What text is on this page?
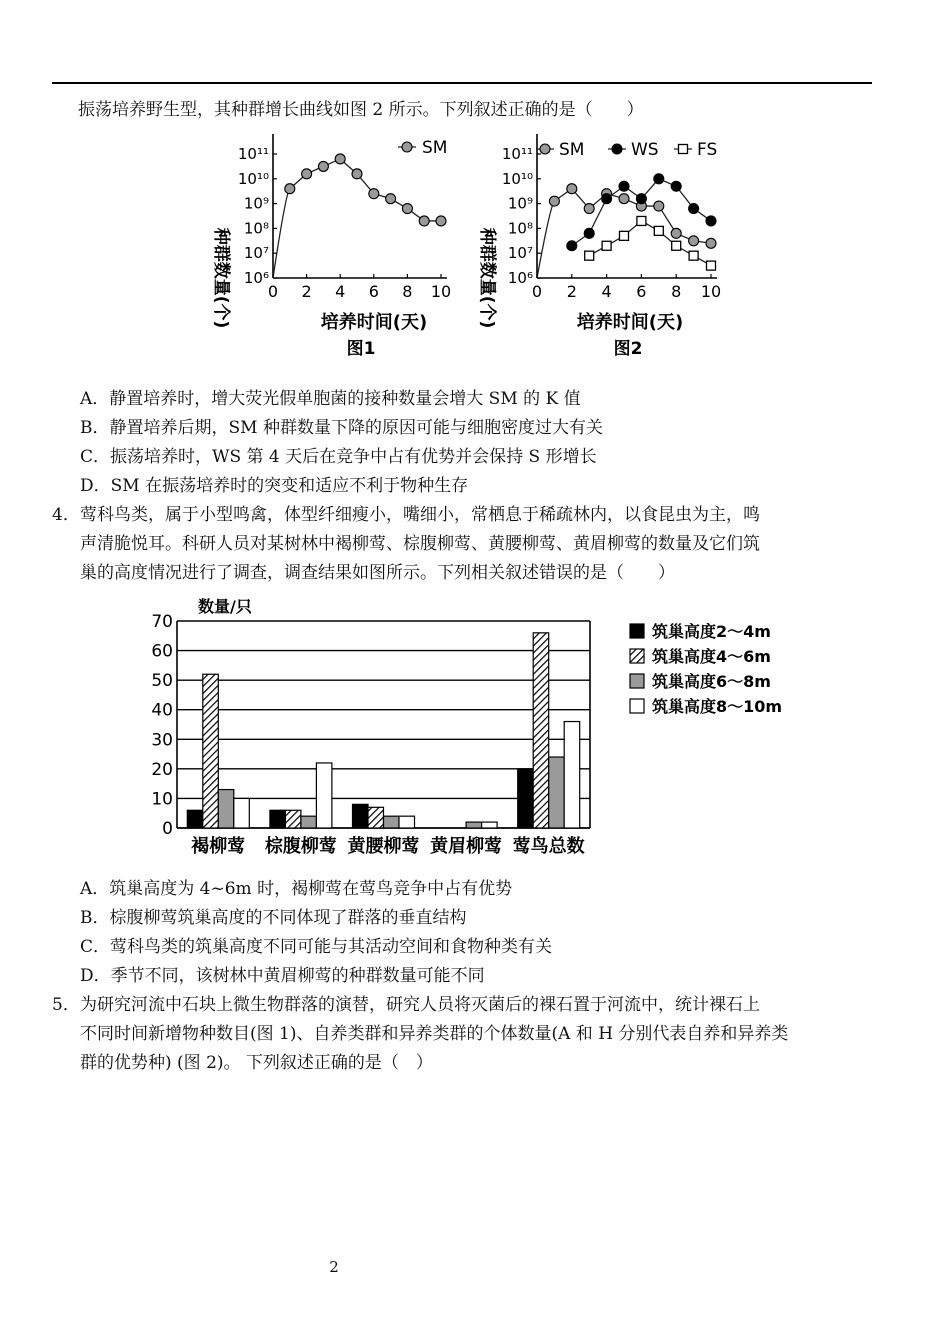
振荡培养野生型，其种群增长曲线如图 2 所示。下列叙述正确的是（　　）
10⁶
10⁷
10⁸
10⁹
10¹⁰
10¹¹
0 2 4 6 8 10
种群数量(个)	培养时间(天)
图1
SM
10⁶
10⁷
10⁸
10⁹
10¹⁰
10¹¹
0 2 4 6 8 10
种群数量(个)	培养时间(天)
图2
SM	WS FS
A．静置培养时，增大荧光假单胞菌的接种数量会增大 SM 的 K 值
B．静置培养后期，SM 种群数量下降的原因可能与细胞密度过大有关
C．振荡培养时，WS 第 4 天后在竞争中占有优势并会保持 S 形增长
D．SM 在振荡培养时的突变和适应不利于物种生存
4． 莺科鸟类，属于小型鸣禽，体型纤细瘦小，嘴细小，常栖息于稀疏林内，以食昆虫为主，鸣
声清脆悦耳。科研人员对某树林中褐柳莺、棕腹柳莺、黄腰柳莺、黄眉柳莺的数量及它们筑
巢的高度情况进行了调查，调查结果如图所示。下列相关叙述错误的是（　　）
0
10
20
30
40
50
60
70
褐柳莺 棕腹柳莺 黄腰柳莺 黄眉柳莺 莺鸟总数
数量/只
筑巢高度2～4m
筑巢高度4～6m
筑巢高度6～8m
筑巢高度8～10m
A．筑巢高度为 4~6m 时，褐柳莺在莺鸟竞争中占有优势
B．棕腹柳莺筑巢高度的不同体现了群落的垂直结构
C．莺科鸟类的筑巢高度不同可能与其活动空间和食物种类有关
D．季节不同，该树林中黄眉柳莺的种群数量可能不同
5． 为研究河流中石块上微生物群落的演替，研究人员将灭菌后的裸石置于河流中，统计裸石上
不同时间新增物种数目(图 1)、自养类群和异养类群的个体数量(A 和 H 分别代表自养和异养类
群的优势种) (图 2)。 下列叙述正确的是（　）
2
